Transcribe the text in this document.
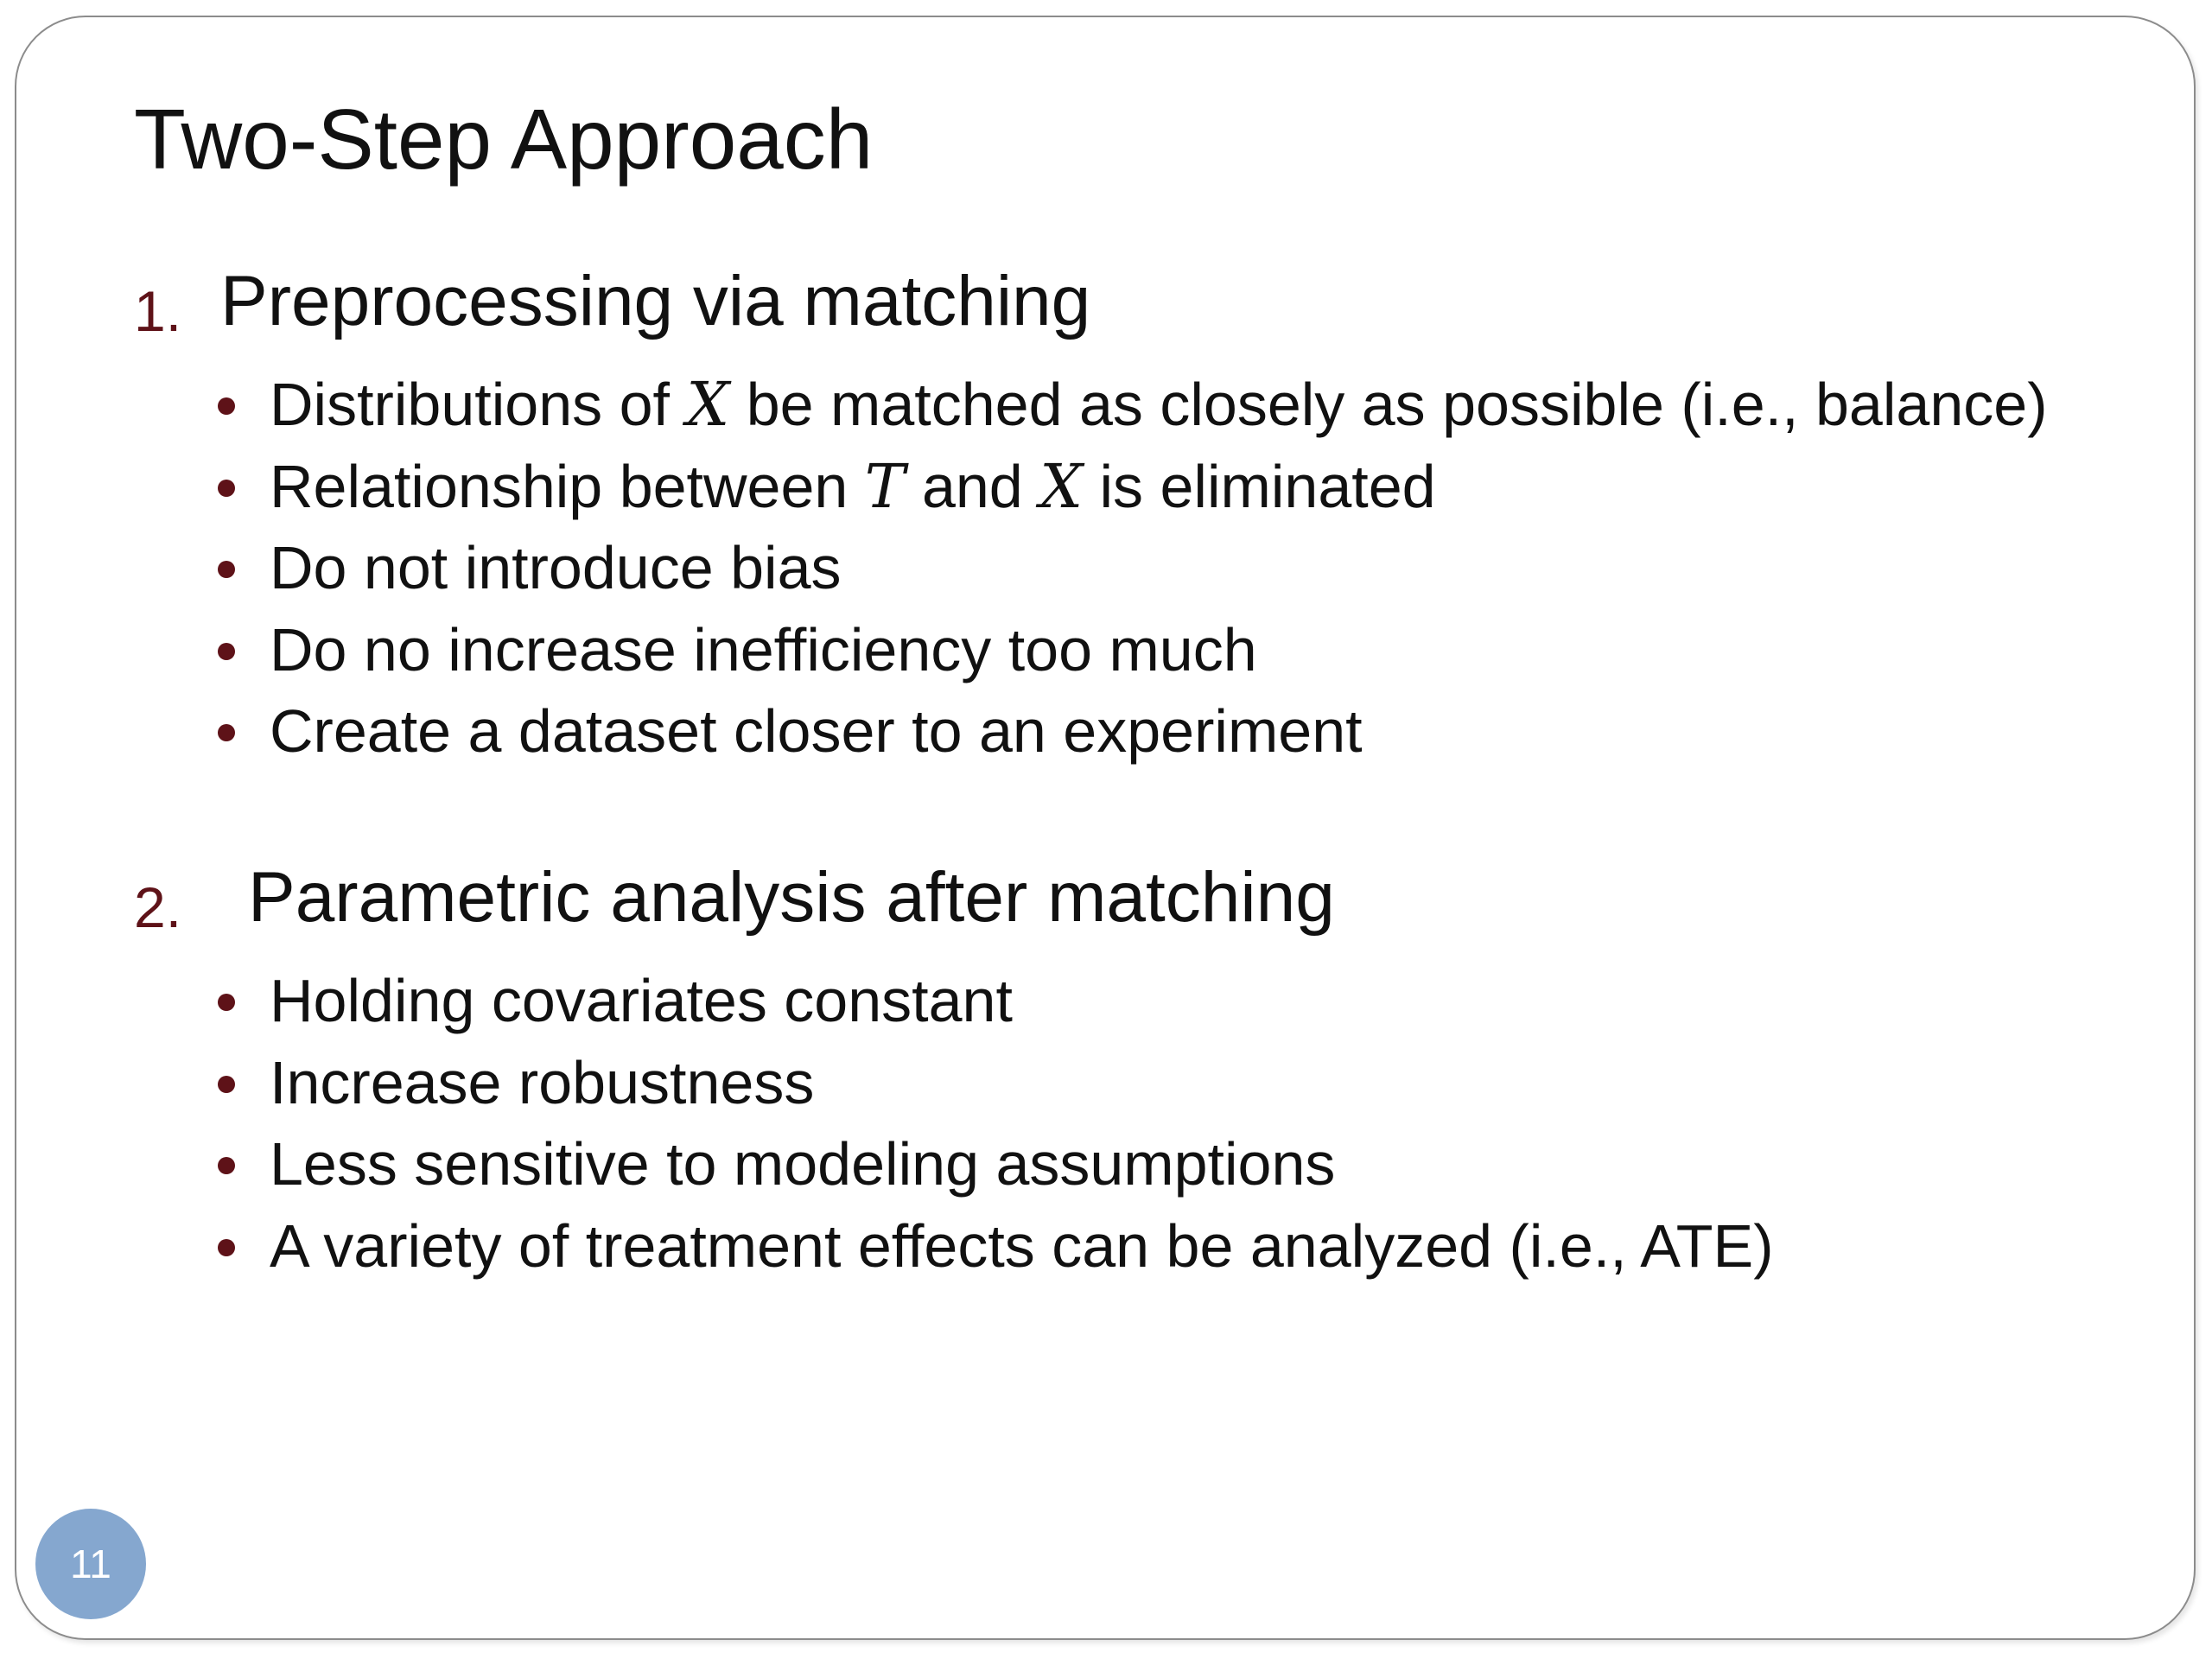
Two-Step Approach
1. Preprocessing via matching
Distributions of X be matched as closely as possible (i.e., balance)
Relationship between T and X is eliminated
Do not introduce bias
Do no increase inefficiency too much
Create a dataset closer to an experiment
2. Parametric analysis after matching
Holding covariates constant
Increase robustness
Less sensitive to modeling assumptions
A variety of treatment effects can be analyzed (i.e., ATE)
11
